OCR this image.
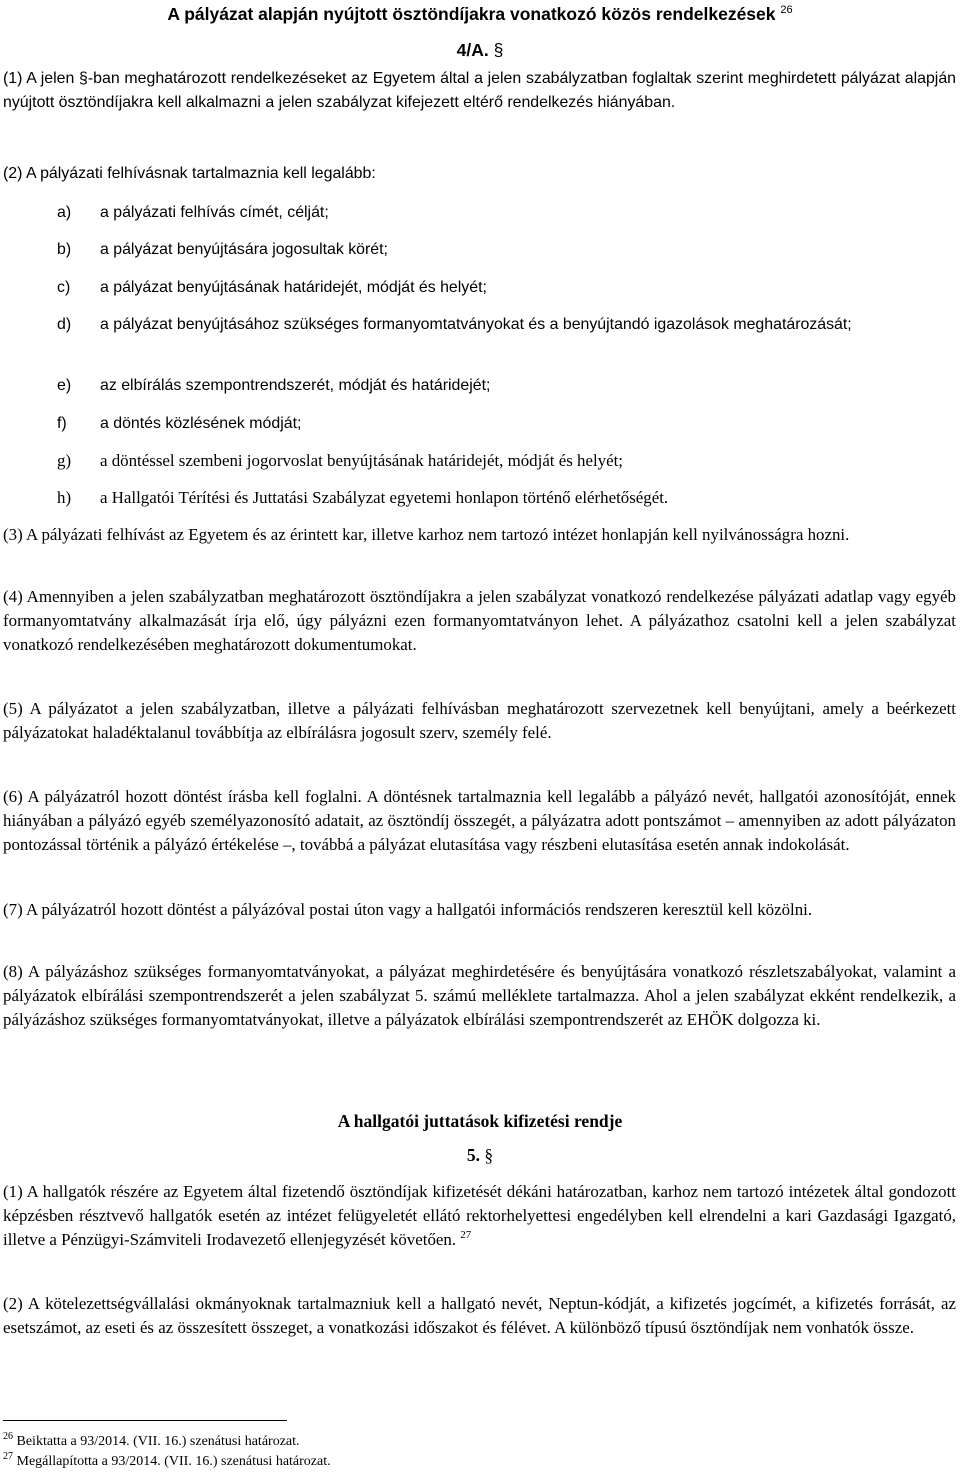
A pályázat alapján nyújtott ösztöndíjakra vonatkozó közös rendelkezések $^{26}$
4/A. §
(1) A jelen §-ban meghatározott rendelkezéseket az Egyetem által a jelen szabályzatban foglaltak szerint meghirdetett pályázat alapján nyújtott ösztöndíjakra kell alkalmazni a jelen szabályzat kifejezett eltérő rendelkezés hiányában.
(2) A pályázati felhívásnak tartalmaznia kell legalább:
a) a pályázati felhívás címét, célját;
b) a pályázat benyújtására jogosultak körét;
c) a pályázat benyújtásának határidejét, módját és helyét;
d) a pályázat benyújtásához szükséges formanyomtatványokat és a benyújtandó igazolások meghatározását;
e) az elbírálás szempontrendszerét, módját és határidejét;
f) a döntés közlésének módját;
g) a döntéssel szembeni jogorvoslat benyújtásának határidejét, módját és helyét;
h) a Hallgatói Térítési és Juttatási Szabályzat egyetemi honlapon történő elérhetőségét.
(3) A pályázati felhívást az Egyetem és az érintett kar, illetve karhoz nem tartozó intézet honlapján kell nyilvánosságra hozni.
(4) Amennyiben a jelen szabályzatban meghatározott ösztöndíjakra a jelen szabályzat vonatkozó rendelkezése pályázati adatlap vagy egyéb formanyomtatvány alkalmazását írja elő, úgy pályázni ezen formanyomtatványon lehet. A pályázathoz csatolni kell a jelen szabályzat vonatkozó rendelkezésében meghatározott dokumentumokat.
(5) A pályázatot a jelen szabályzatban, illetve a pályázati felhívásban meghatározott szervezetnek kell benyújtani, amely a beérkezett pályázatokat haladéktalanul továbbítja az elbírálásra jogosult szerv, személy felé.
(6) A pályázatról hozott döntést írásba kell foglalni. A döntésnek tartalmaznia kell legalább a pályázó nevét, hallgatói azonosítóját, ennek hiányában a pályázó egyéb személyazonosító adatait, az ösztöndíj összegét, a pályázatra adott pontszámot – amennyiben az adott pályázaton pontozással történik a pályázó értékelése –, továbbá a pályázat elutasítása vagy részbeni elutasítása esetén annak indokolását.
(7) A pályázatról hozott döntést a pályázóval postai úton vagy a hallgatói információs rendszeren keresztül kell közölni.
(8) A pályázáshoz szükséges formanyomtatványokat, a pályázat meghirdetésére és benyújtására vonatkozó részletszabályokat, valamint a pályázatok elbírálási szempontrendszerét a jelen szabályzat 5. számú melléklete tartalmazza. Ahol a jelen szabályzat ekként rendelkezik, a pályázáshoz szükséges formanyomtatványokat, illetve a pályázatok elbírálási szempontrendszerét az EHÖK dolgozza ki.
A hallgatói juttatások kifizetési rendje
5. §
(1) A hallgatók részére az Egyetem által fizetendő ösztöndíjak kifizetését dékáni határozatban, karhoz nem tartozó intézetek által gondozott képzésben résztvevő hallgatók esetén az intézet felügyeletét ellátó rektorhelyettesi engedélyben kell elrendelni a kari Gazdasági Igazgató, illetve a Pénzügyi-Számviteli Irodavezető ellenjegyzését követően. $^{27}$
(2) A kötelezettségvállalási okmányoknak tartalmazniuk kell a hallgató nevét, Neptun-kódját, a kifizetés jogcímét, a kifizetés forrását, az esetszámot, az eseti és az összesített összeget, a vonatkozási időszakot és félévet. A különböző típusú ösztöndíjak nem vonhatók össze.
$^{26}$ Beiktatta a 93/2014. (VII. 16.) szenátusi határozat.
$^{27}$ Megállapította a 93/2014. (VII. 16.) szenátusi határozat.
